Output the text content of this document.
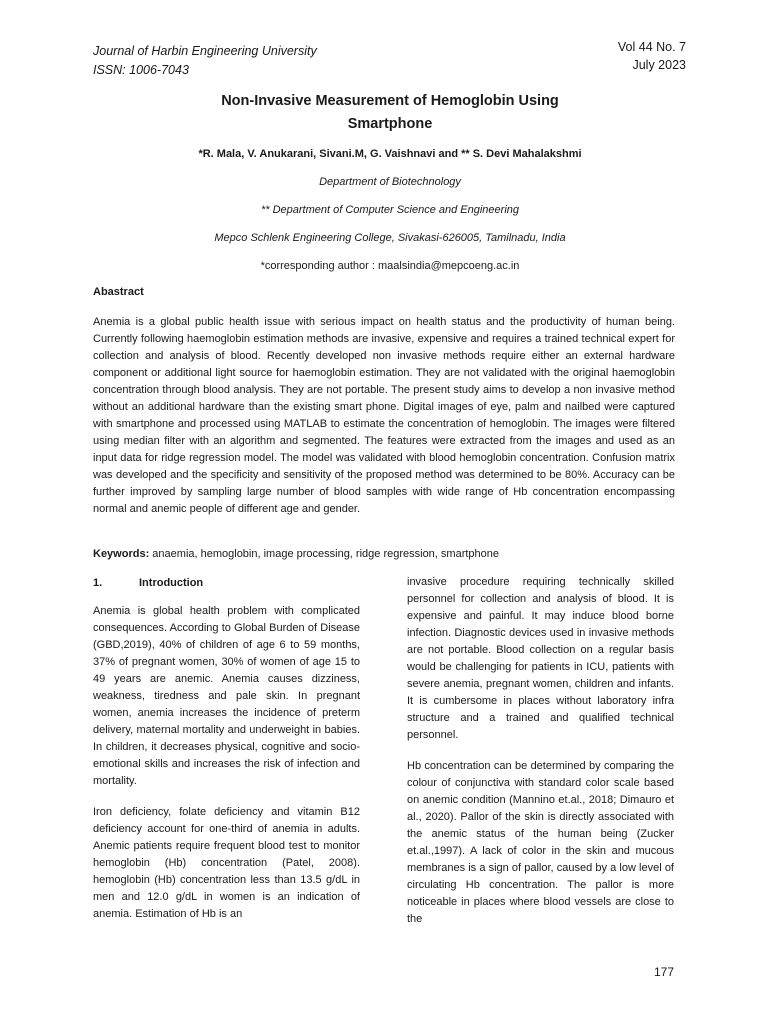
Journal of Harbin Engineering University
ISSN: 1006-7043
Vol 44 No. 7
July 2023
Non-Invasive Measurement of Hemoglobin Using
Smartphone
*R. Mala, V. Anukarani, Sivani.M, G. Vaishnavi and ** S. Devi Mahalakshmi
Department of Biotechnology
** Department of Computer Science and Engineering
Mepco Schlenk Engineering College, Sivakasi-626005, Tamilnadu, India
*corresponding author : maalsindia@mepcoeng.ac.in
Abastract
Anemia is a global public health issue with serious impact on health status and the productivity of human being. Currently following haemoglobin estimation methods are invasive, expensive and requires a trained technical expert for collection and analysis of blood. Recently developed non invasive methods require either an external hardware component or additional light source for haemoglobin estimation. They are not validated with the original haemoglobin concentration through blood analysis. They are not portable. The present study aims to develop a non invasive method without an additional hardware than the existing smart phone. Digital images of eye, palm and nailbed were captured with smartphone and processed using MATLAB to estimate the concentration of hemoglobin. The images were filtered using median filter with an algorithm and segmented. The features were extracted from the images and used as an input data for ridge regression model. The model was validated with blood hemoglobin concentration. Confusion matrix was developed and the specificity and sensitivity of the proposed method was determined to be 80%. Accuracy can be further improved by sampling large number of blood samples with wide range of Hb concentration encompassing normal and anemic people of different age and gender.
Keywords: anaemia, hemoglobin, image processing, ridge regression, smartphone
1.	Introduction

Anemia is global health problem with complicated consequences. According to Global Burden of Disease (GBD,2019), 40% of children of age 6 to 59 months, 37% of pregnant women, 30% of women of age 15 to 49 years are anemic. Anemia causes dizziness, weakness, tiredness and pale skin. In pregnant women, anemia increases the incidence of preterm delivery, maternal mortality and underweight in babies. In children, it decreases physical, cognitive and socio-emotional skills and increases the risk of infection and mortality.

Iron deficiency, folate deficiency and vitamin B12 deficiency account for one-third of anemia in adults. Anemic patients require frequent blood test to monitor hemoglobin (Hb) concentration (Patel, 2008). hemoglobin (Hb) concentration less than 13.5 g/dL in men and 12.0 g/dL in women is an indication of anemia. Estimation of Hb is an

invasive procedure requiring technically skilled personnel for collection and analysis of blood. It is expensive and painful. It may induce blood borne infection. Diagnostic devices used in invasive methods are not portable. Blood collection on a regular basis would be challenging for patients in ICU, patients with severe anemia, pregnant women, children and infants. It is cumbersome in places without laboratory infra structure and a trained and qualified technical personnel.

Hb concentration can be determined by comparing the colour of conjunctiva with standard color scale based on anemic condition (Mannino et.al., 2018; Dimauro et al., 2020). Pallor of the skin is directly associated with the anemic status of the human being (Zucker et.al.,1997). A lack of color in the skin and mucous membranes is a sign of pallor, caused by a low level of circulating Hb concentration. The pallor is more noticeable in places where blood vessels are close to the

177
